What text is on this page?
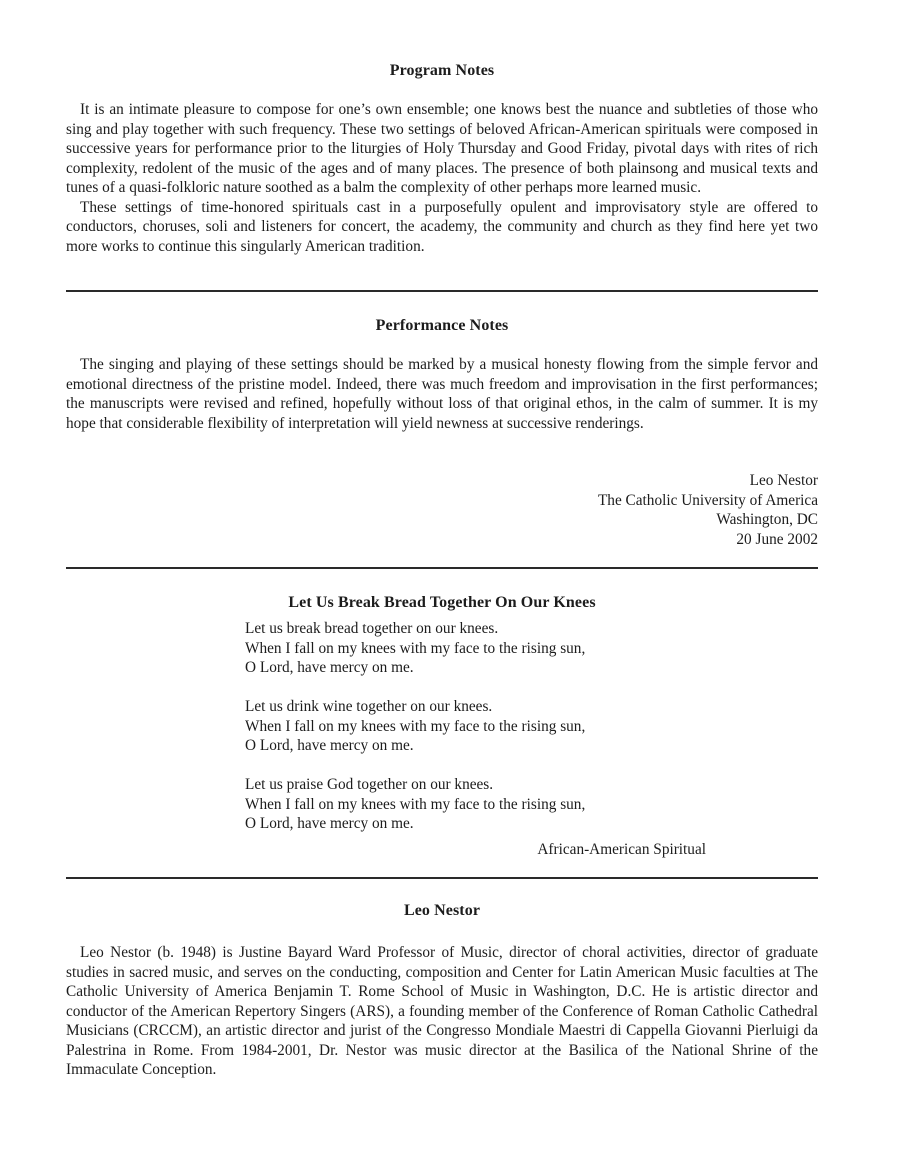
Program Notes

It is an intimate pleasure to compose for one’s own ensemble; one knows best the nuance and subtleties of those who sing and play together with such frequency. These two settings of beloved African-American spirituals were composed in successive years for performance prior to the liturgies of Holy Thursday and Good Friday, pivotal days with rites of rich complexity, redolent of the music of the ages and of many places. The presence of both plainsong and musical texts and tunes of a quasi-folkloric nature soothed as a balm the complexity of other perhaps more learned music.

These settings of time-honored spirituals cast in a purposefully opulent and improvisatory style are offered to conductors, choruses, soli and listeners for concert, the academy, the community and church as they find here yet two more works to continue this singularly American tradition.

Performance Notes

The singing and playing of these settings should be marked by a musical honesty flowing from the simple fervor and emotional directness of the pristine model. Indeed, there was much freedom and improvisation in the first performances; the manuscripts were revised and refined, hopefully without loss of that original ethos, in the calm of summer. It is my hope that considerable flexibility of interpretation will yield newness at successive renderings.

Leo Nestor
The Catholic University of America
Washington, DC
20 June 2002
Let Us Break Bread Together On Our Knees
Let us break bread together on our knees.
When I fall on my knees with my face to the rising sun,
O Lord, have mercy on me.
Let us drink wine together on our knees.
When I fall on my knees with my face to the rising sun,
O Lord, have mercy on me.
Let us praise God together on our knees.
When I fall on my knees with my face to the rising sun,
O Lord, have mercy on me.
African-American Spiritual
Leo Nestor

Leo Nestor (b. 1948) is Justine Bayard Ward Professor of Music, director of choral activities, director of graduate studies in sacred music, and serves on the conducting, composition and Center for Latin American Music faculties at The Catholic University of America Benjamin T. Rome School of Music in Washington, D.C. He is artistic director and conductor of the American Repertory Singers (ARS), a founding member of the Conference of Roman Catholic Cathedral Musicians (CRCCM), an artistic director and jurist of the Congresso Mondiale Maestri di Cappella Giovanni Pierluigi da Palestrina in Rome. From 1984-2001, Dr. Nestor was music director at the Basilica of the National Shrine of the Immaculate Conception.
